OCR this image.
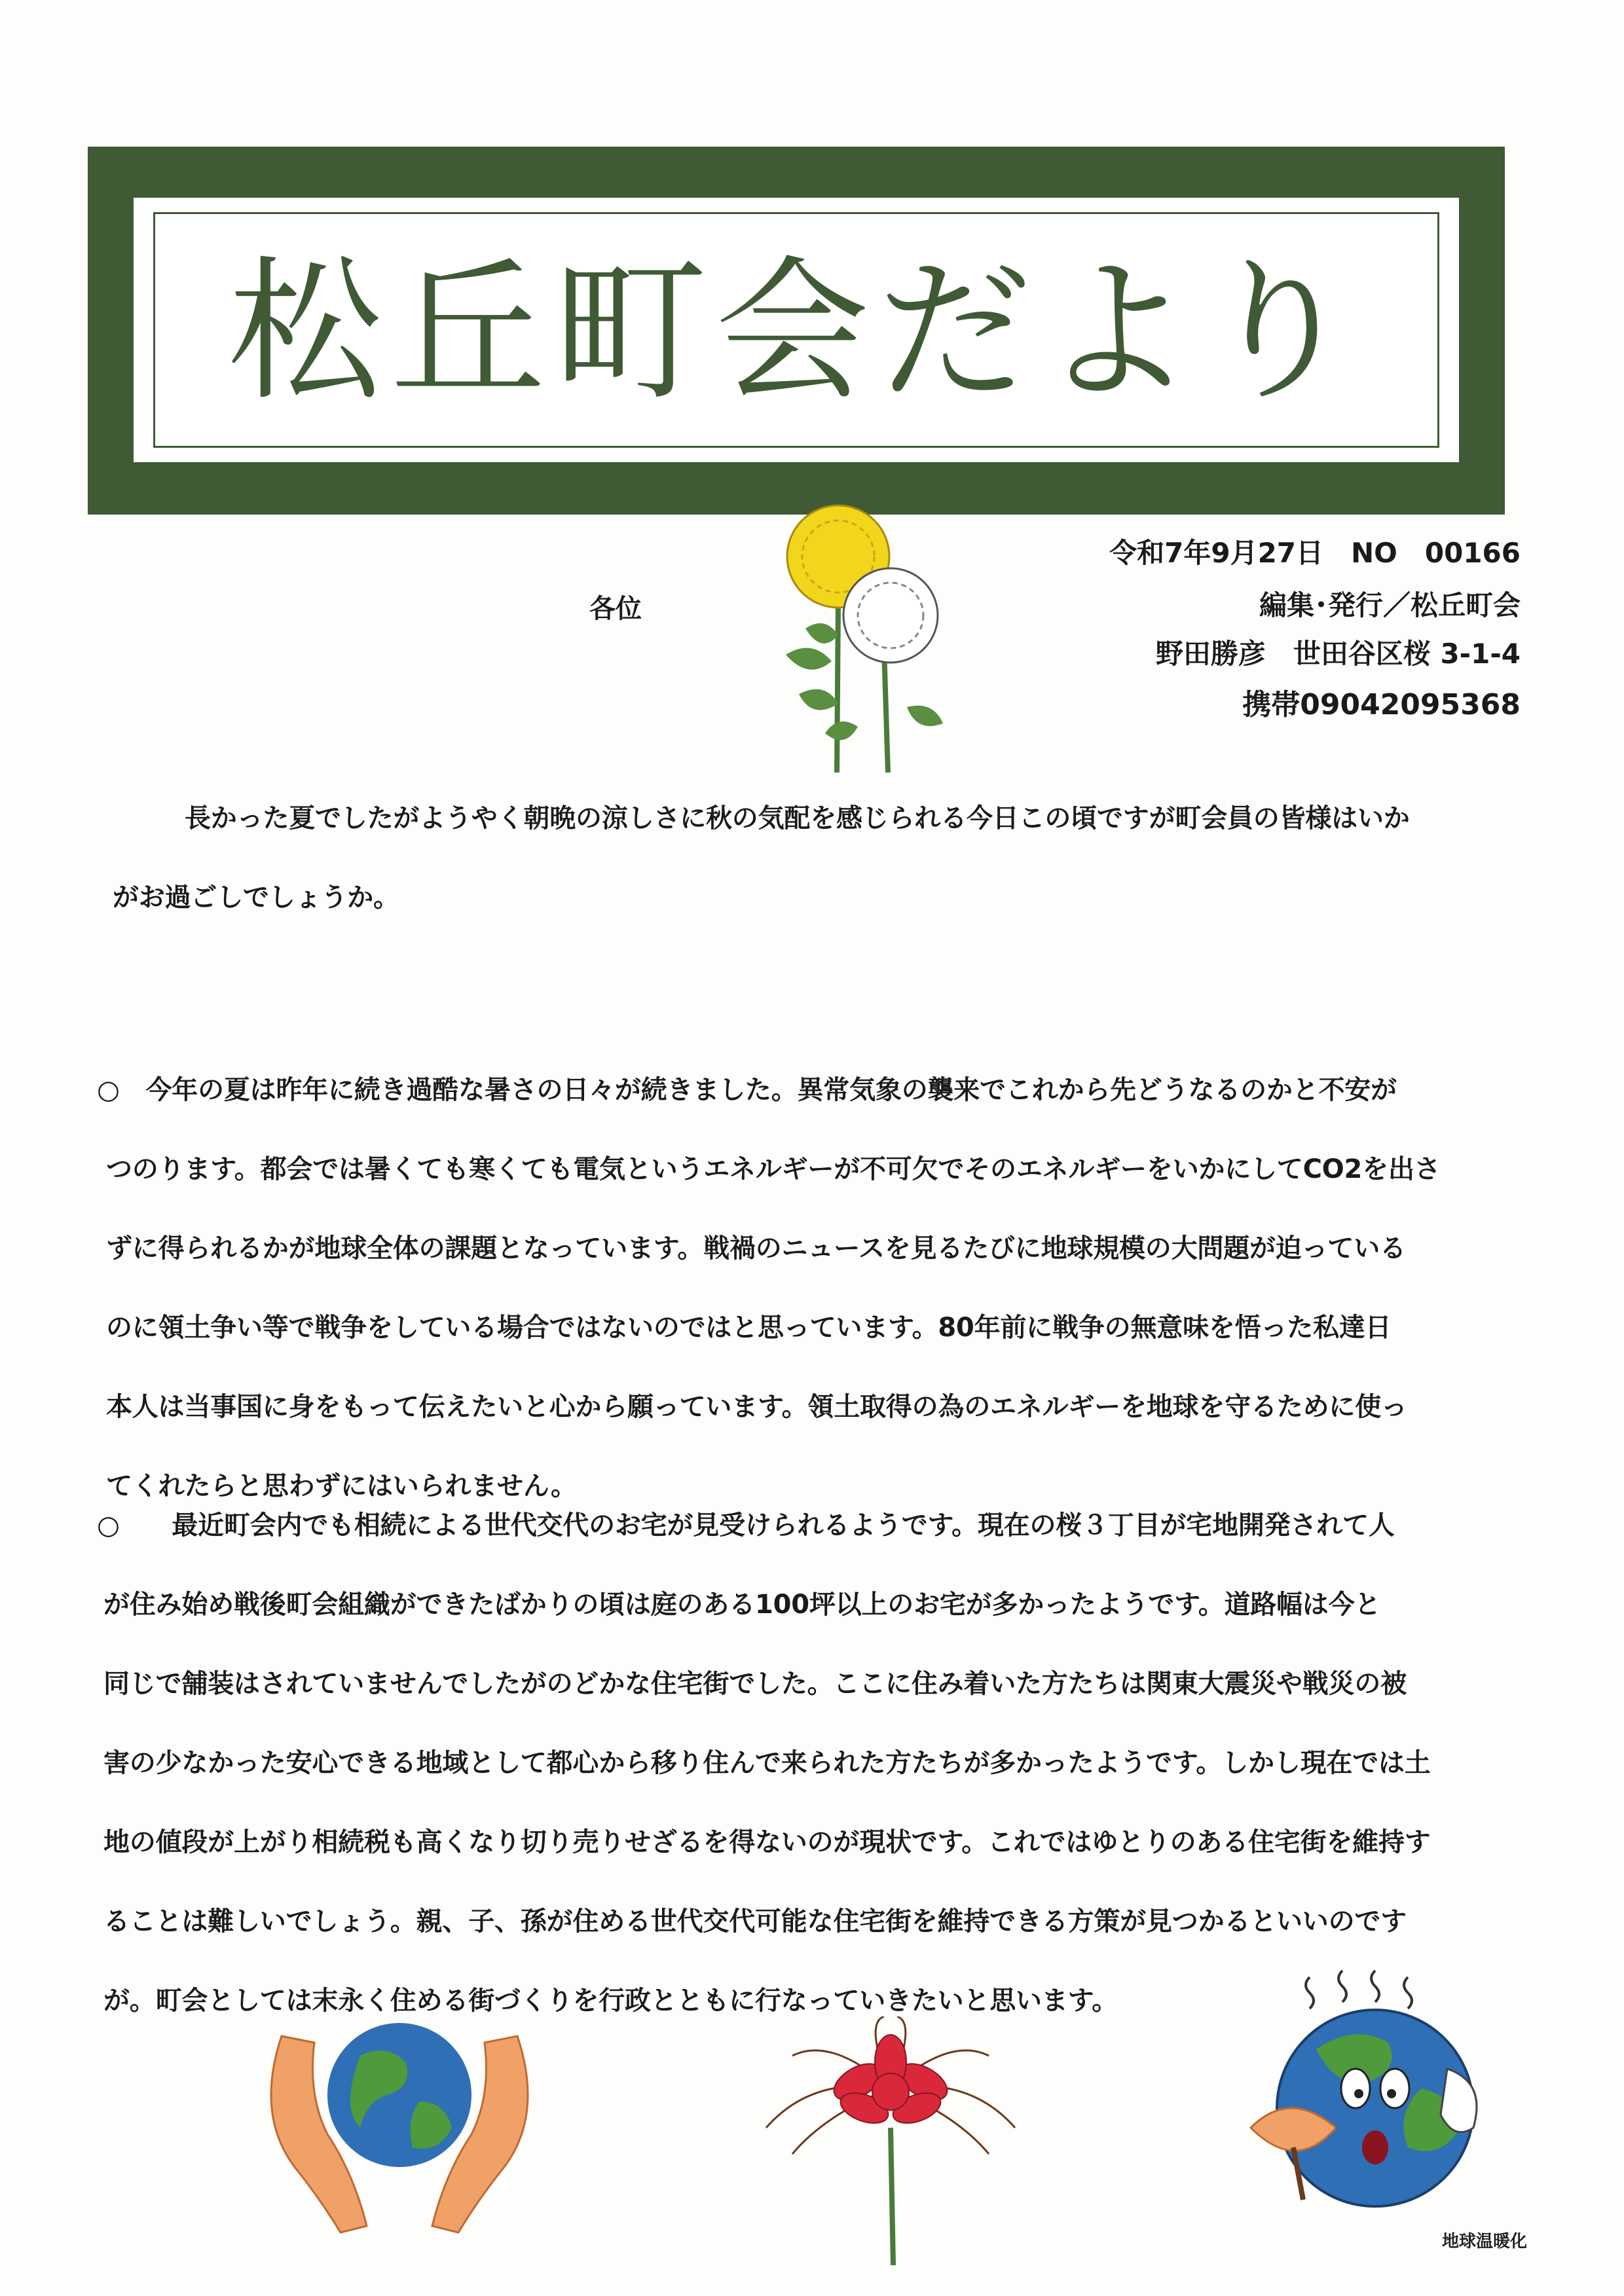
松丘町会だより
令和7年9月27日　NO　00166
編集･発行／松丘町会
野田勝彦　世田谷区桜 3-1-4
携帯09042095368
各位
長かった夏でしたがようやく朝晩の涼しさに秋の気配を感じられる今日この頃ですが町会員の皆様はいか
がお過ごしでしょうか。
○　今年の夏は昨年に続き過酷な暑さの日々が続きました。異常気象の襲来でこれから先どうなるのかと不安が
つのります。都会では暑くても寒くても電気というエネルギーが不可欠でそのエネルギーをいかにしてCO2を出さ
ずに得られるかが地球全体の課題となっています。戦禍のニュースを見るたびに地球規模の大問題が迫っている
のに領土争い等で戦争をしている場合ではないのではと思っています。80年前に戦争の無意味を悟った私達日
本人は当事国に身をもって伝えたいと心から願っています。領土取得の為のエネルギーを地球を守るために使っ
てくれたらと思わずにはいられません。
○　　最近町会内でも相続による世代交代のお宅が見受けられるようです。現在の桜３丁目が宅地開発されて人
が住み始め戦後町会組織ができたばかりの頃は庭のある100坪以上のお宅が多かったようです。道路幅は今と
同じで舗装はされていませんでしたがのどかな住宅街でした。ここに住み着いた方たちは関東大震災や戦災の被
害の少なかった安心できる地域として都心から移り住んで来られた方たちが多かったようです。しかし現在では土
地の値段が上がり相続税も高くなり切り売りせざるを得ないのが現状です。これではゆとりのある住宅街を維持す
ることは難しいでしょう。親、子、孫が住める世代交代可能な住宅街を維持できる方策が見つかるといいのです
が。町会としては末永く住める街づくりを行政とともに行なっていきたいと思います。
地球温暖化
